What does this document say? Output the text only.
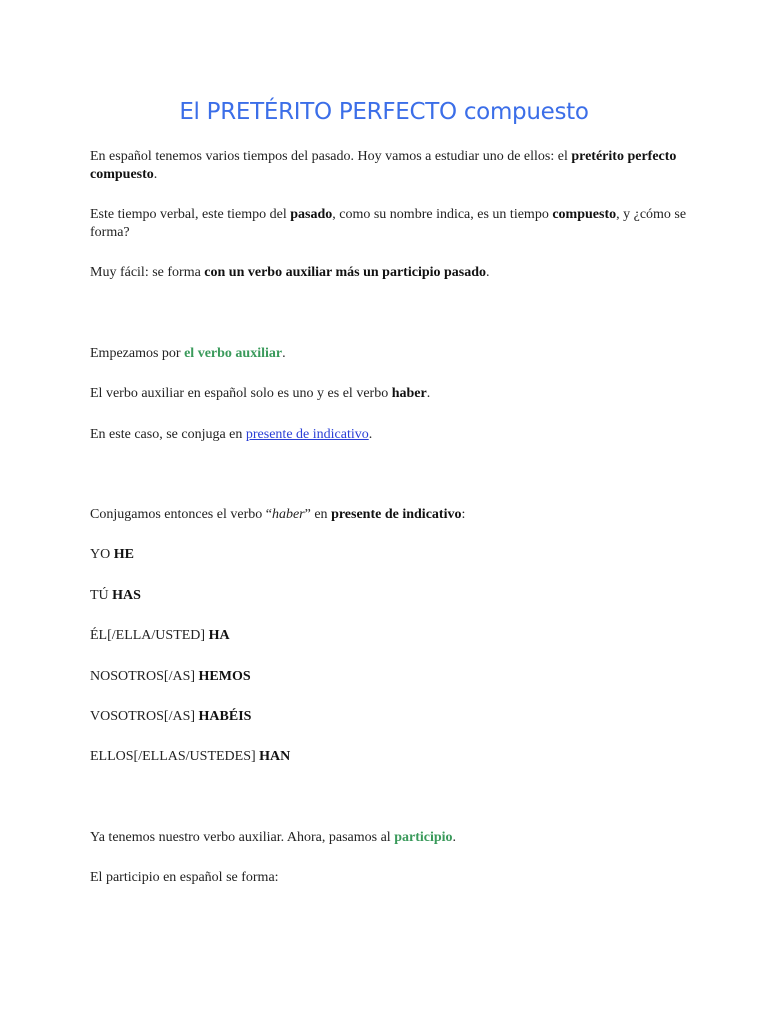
El PRETÉRITO PERFECTO compuesto

En español tenemos varios tiempos del pasado. Hoy vamos a estudiar uno de ellos: el pretérito perfecto compuesto.

Este tiempo verbal, este tiempo del pasado, como su nombre indica, es un tiempo compuesto, y ¿cómo se forma?

Muy fácil: se forma con un verbo auxiliar más un participio pasado.

Empezamos por el verbo auxiliar.

El verbo auxiliar en español solo es uno y es el verbo haber.

En este caso, se conjuga en presente de indicativo.

Conjugamos entonces el verbo “haber” en presente de indicativo:

YO HE

TÚ HAS

ÉL[/ELLA/USTED] HA

NOSOTROS[/AS] HEMOS

VOSOTROS[/AS] HABÉIS

ELLOS[/ELLAS/USTEDES] HAN

Ya tenemos nuestro verbo auxiliar. Ahora, pasamos al participio.

El participio en español se forma:
